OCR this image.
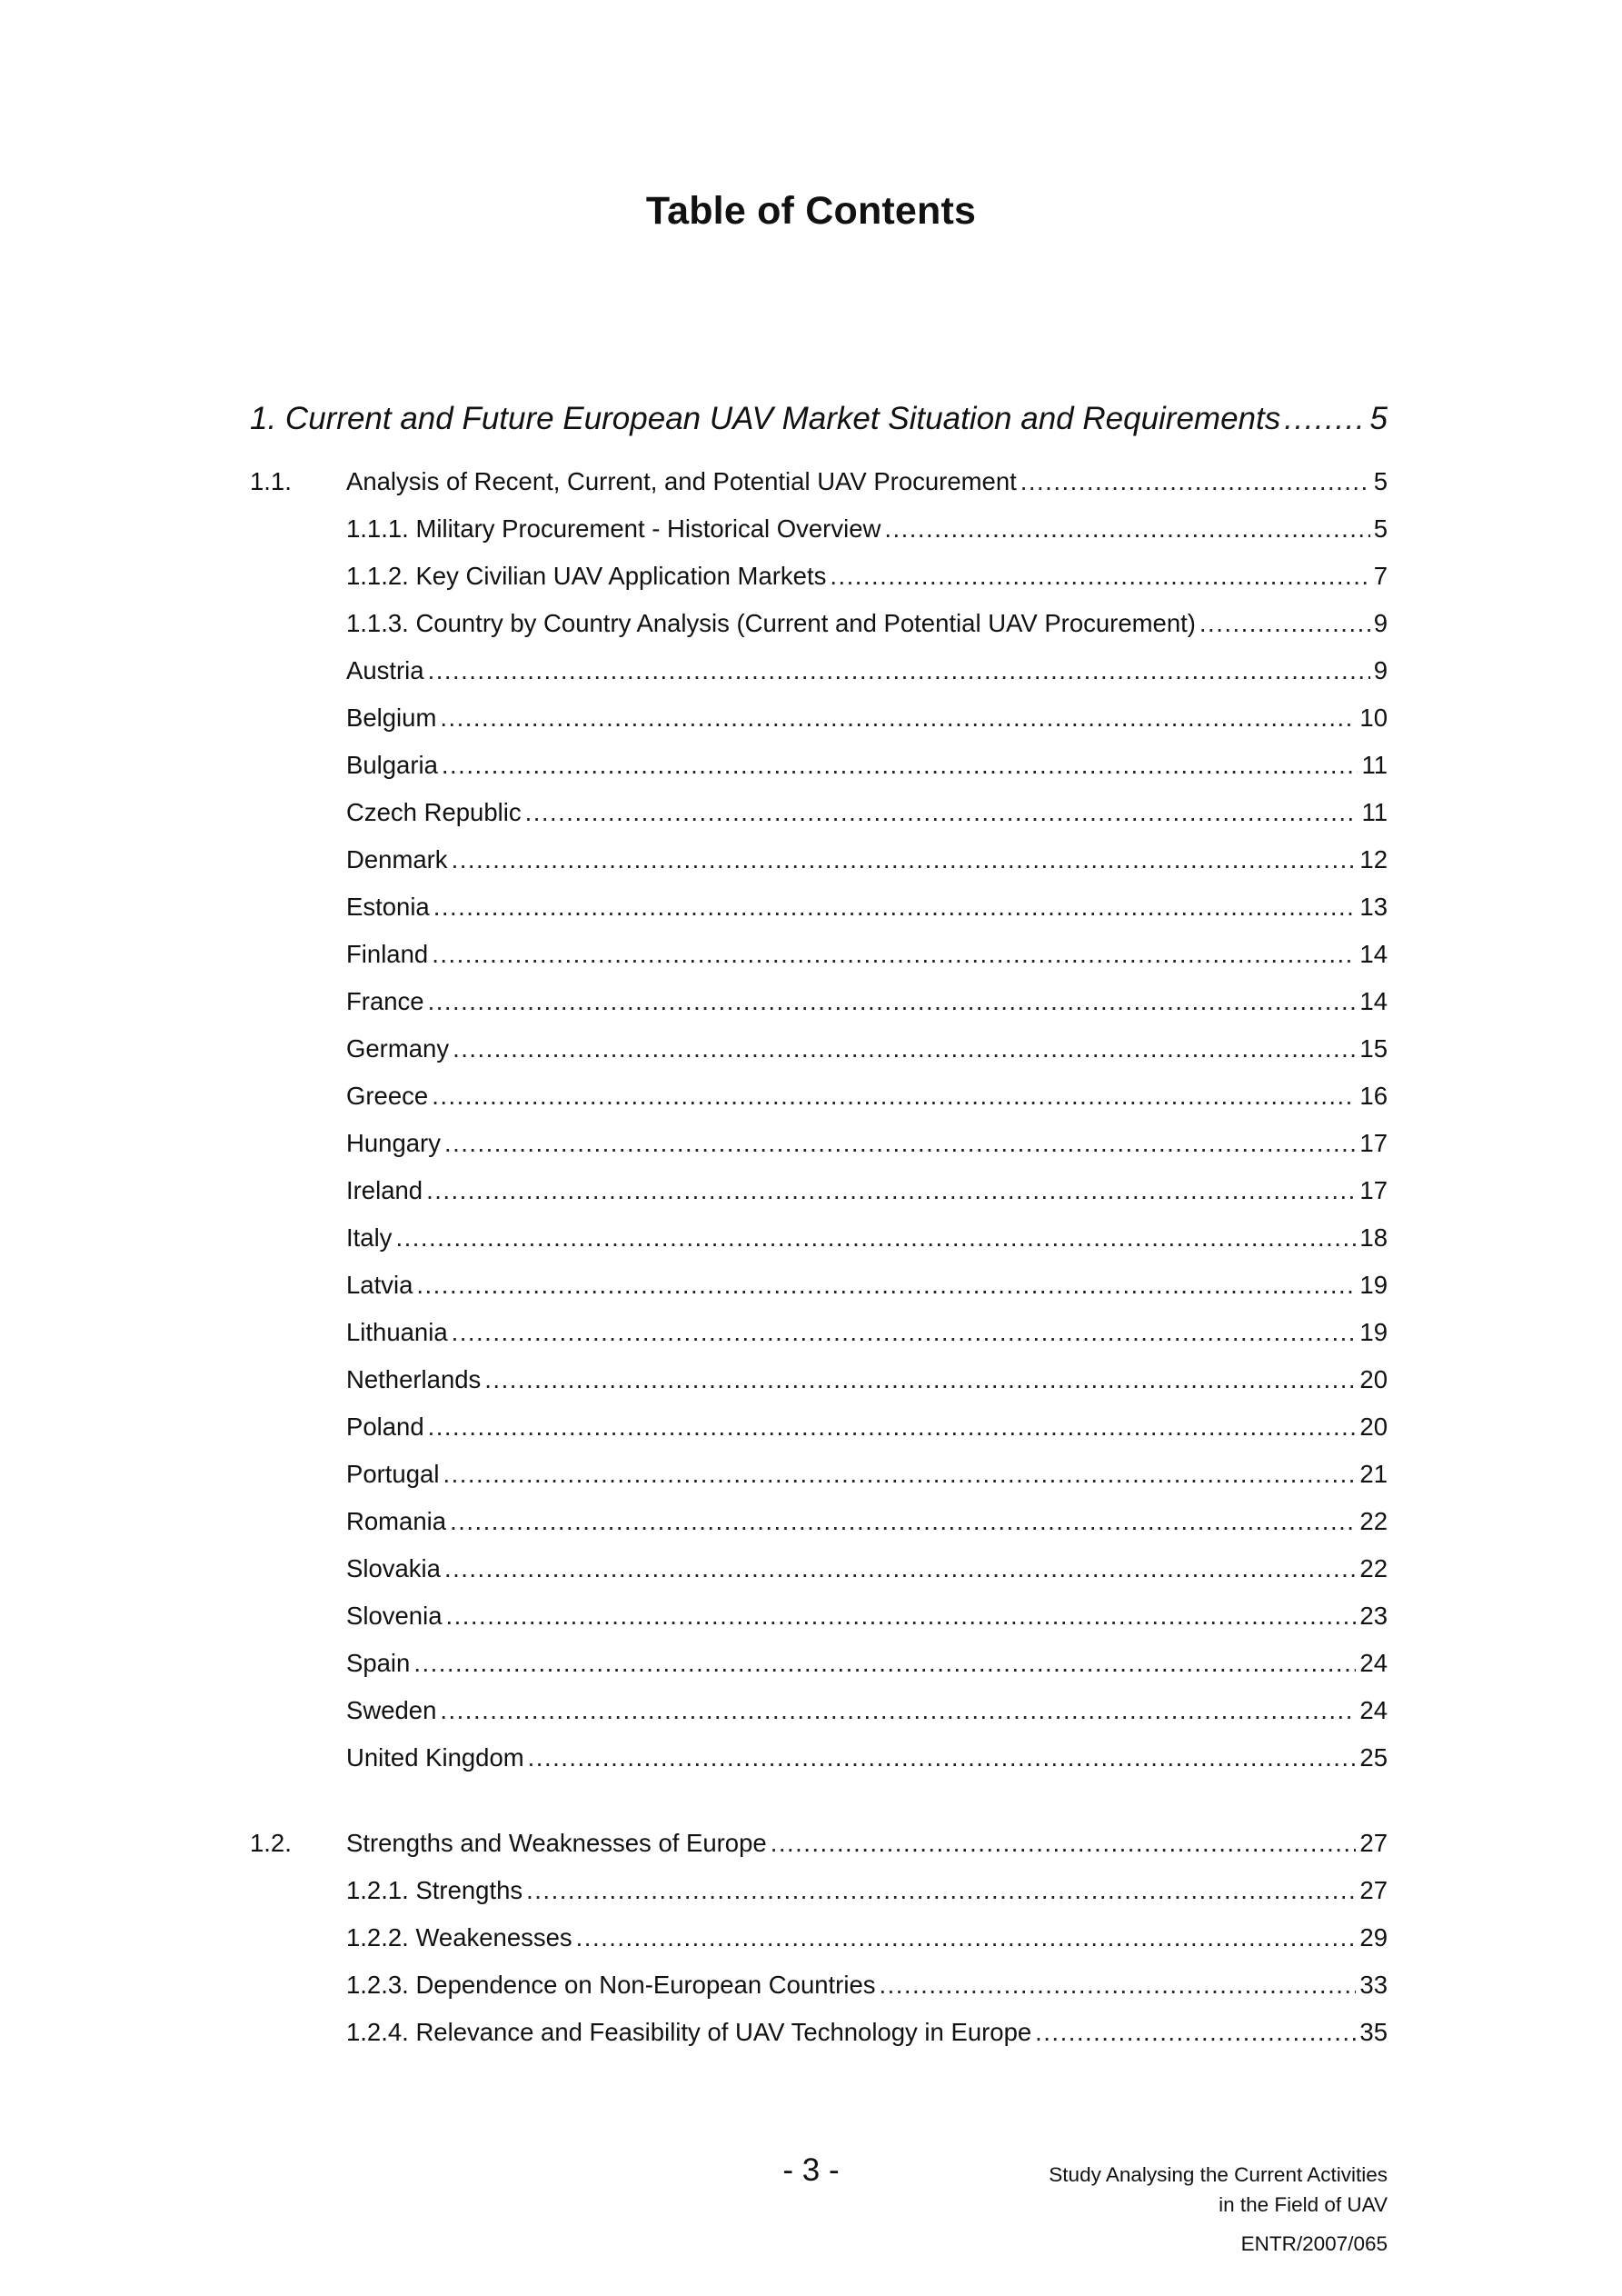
Table of Contents
1. Current and Future European UAV Market Situation and Requirements .....	5
1.1.	Analysis of Recent, Current, and Potential UAV Procurement .....	5
1.1.1. Military Procurement - Historical Overview .....	5
1.1.2. Key Civilian UAV Application Markets .....	7
1.1.3. Country by Country Analysis (Current and Potential UAV Procurement) .....	9
Austria .....	9
Belgium .....	10
Bulgaria .....	11
Czech Republic .....	11
Denmark .....	12
Estonia .....	13
Finland .....	14
France .....	14
Germany .....	15
Greece .....	16
Hungary .....	17
Ireland .....	17
Italy .....	18
Latvia .....	19
Lithuania .....	19
Netherlands .....	20
Poland .....	20
Portugal .....	21
Romania .....	22
Slovakia .....	22
Slovenia .....	23
Spain .....	24
Sweden .....	24
United Kingdom .....	25
1.2.	Strengths and Weaknesses of Europe .....	27
1.2.1. Strengths .....	27
1.2.2. Weakenesses .....	29
1.2.3. Dependence on Non-European Countries .....	33
1.2.4. Relevance and Feasibility of UAV Technology in Europe .....	35
- 3 -	Study Analysing the Current Activities
in the Field of UAV
ENTR/2007/065
